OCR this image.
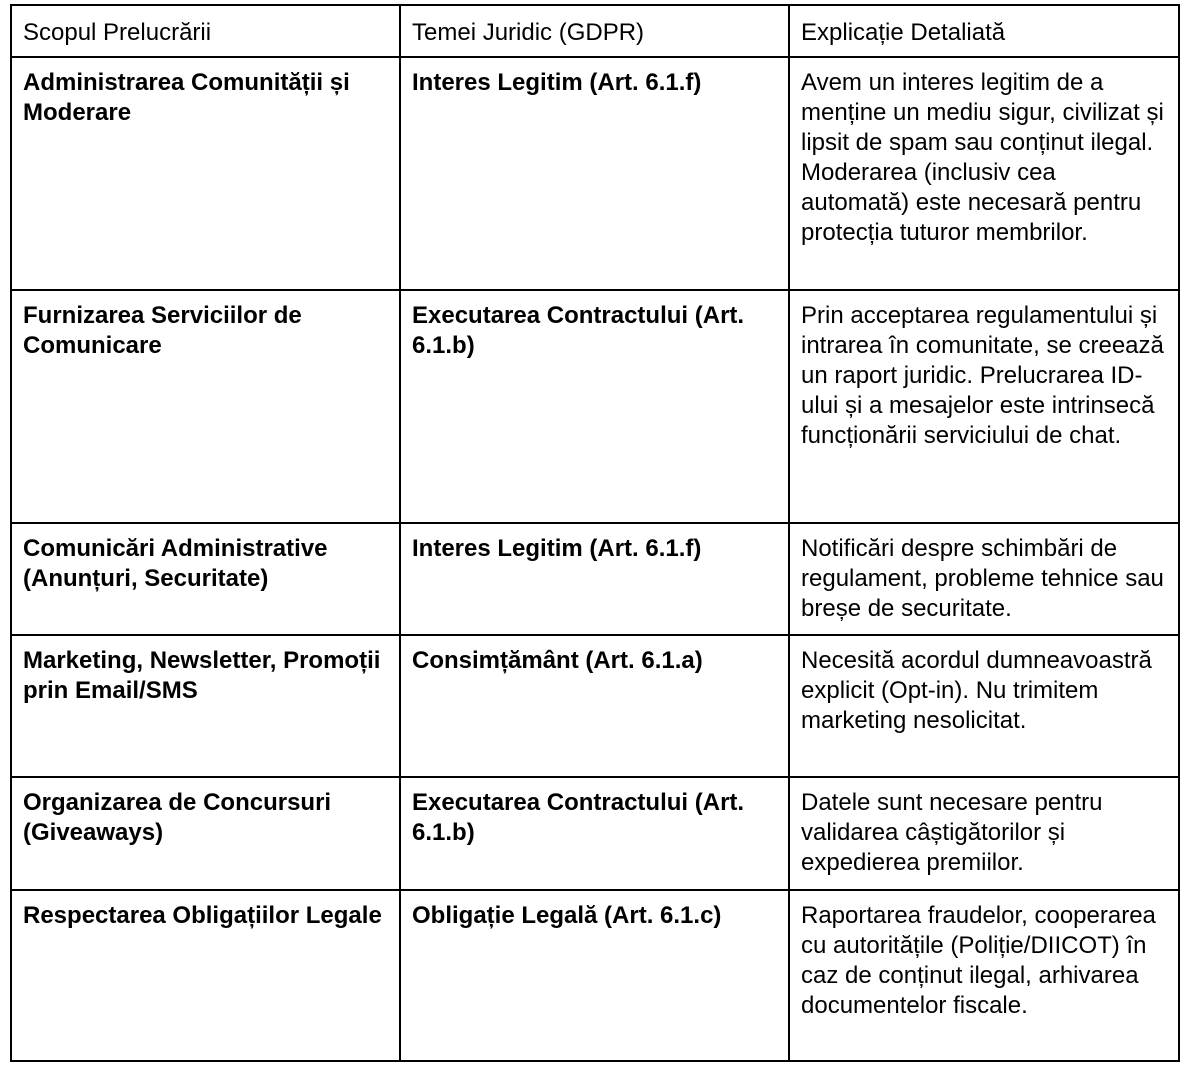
Scopul Prelucrării	Temei Juridic (GDPR)	Explicație Detaliată
Administrarea Comunității și Moderare	Interes Legitim (Art. 6.1.f)	Avem un interes legitim de a menține un mediu sigur, civilizat și lipsit de spam sau conținut ilegal. Moderarea (inclusiv cea automată) este necesară pentru protecția tuturor membrilor.
Furnizarea Serviciilor de Comunicare	Executarea Contractului (Art. 6.1.b)	Prin acceptarea regulamentului și intrarea în comunitate, se creează un raport juridic. Prelucrarea ID-ului și a mesajelor este intrinsecă funcționării serviciului de chat.
Comunicări Administrative (Anunțuri, Securitate)	Interes Legitim (Art. 6.1.f)	Notificări despre schimbări de regulament, probleme tehnice sau breșe de securitate.
Marketing, Newsletter, Promoții prin Email/SMS	Consimțământ (Art. 6.1.a)	Necesită acordul dumneavoastră explicit (Opt-in). Nu trimitem marketing nesolicitat.
Organizarea de Concursuri (Giveaways)	Executarea Contractului (Art. 6.1.b)	Datele sunt necesare pentru validarea câștigătorilor și expedierea premiilor.
Respectarea Obligațiilor Legale	Obligație Legală (Art. 6.1.c)	Raportarea fraudelor, cooperarea cu autoritățile (Poliție/DIICOT) în caz de conținut ilegal, arhivarea documentelor fiscale.
